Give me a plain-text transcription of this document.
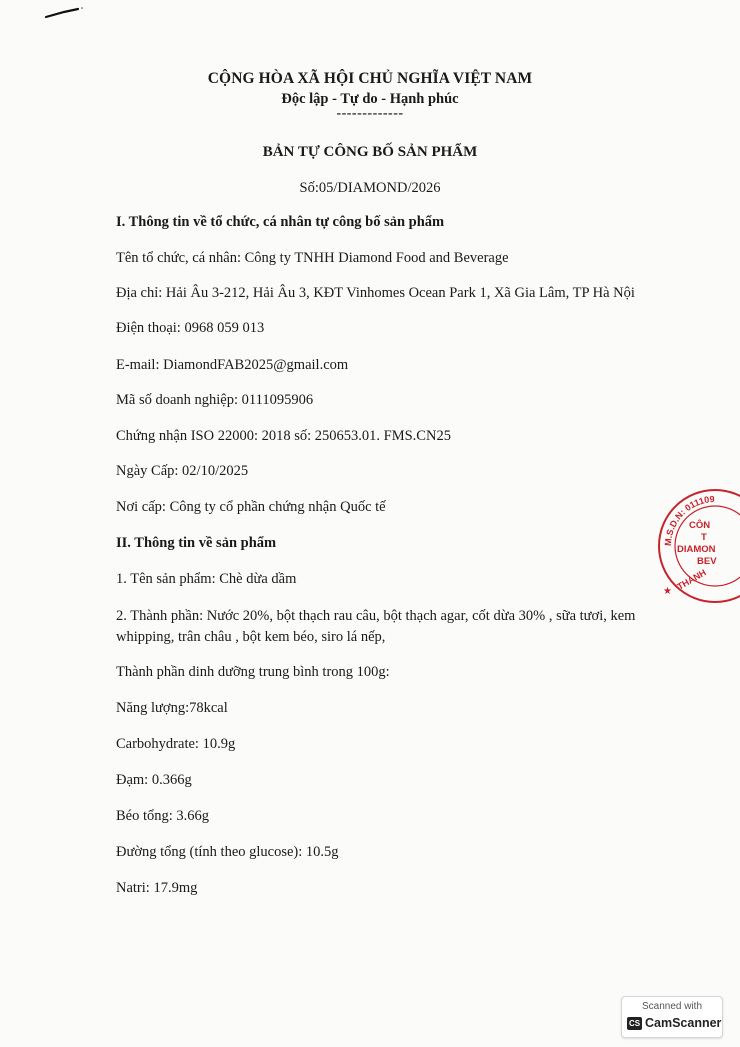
CỘNG HÒA XÃ HỘI CHỦ NGHĨA VIỆT NAM
Độc lập - Tự do - Hạnh phúc
-------------
BẢN TỰ CÔNG BỐ SẢN PHẨM
Số:05/DIAMOND/2026
I. Thông tin về tổ chức, cá nhân tự công bố sản phẩm
Tên tổ chức, cá nhân: Công ty TNHH Diamond Food and Beverage
Địa chỉ: Hải Âu 3-212, Hải Âu 3, KĐT Vinhomes Ocean Park 1, Xã Gia Lâm, TP Hà Nội
Điện thoại: 0968 059 013
E-mail: DiamondFAB2025@gmail.com
Mã số doanh nghiệp: 0111095906
Chứng nhận ISO 22000: 2018 số: 250653.01. FMS.CN25
Ngày Cấp: 02/10/2025
Nơi cấp: Công ty cổ phần chứng nhận Quốc tế
II. Thông tin về sản phẩm
1. Tên sản phẩm: Chè dừa dầm
2. Thành phần: Nước 20%, bột thạch rau câu, bột thạch agar, cốt dừa 30% , sữa tươi, kem whipping, trân châu , bột kem béo, siro lá nếp,
Thành phần dinh dưỡng trung bình trong 100g:
Năng lượng:78kcal
Carbohydrate: 10.9g
Đạm: 0.366g
Béo tổng: 3.66g
Đường tổng (tính theo glucose): 10.5g
Natri: 17.9mg
M.S.D.N: 011109
CÔN
T
DIAMON
BEV
THÀNH
★
Scanned with
CS CamScanner
